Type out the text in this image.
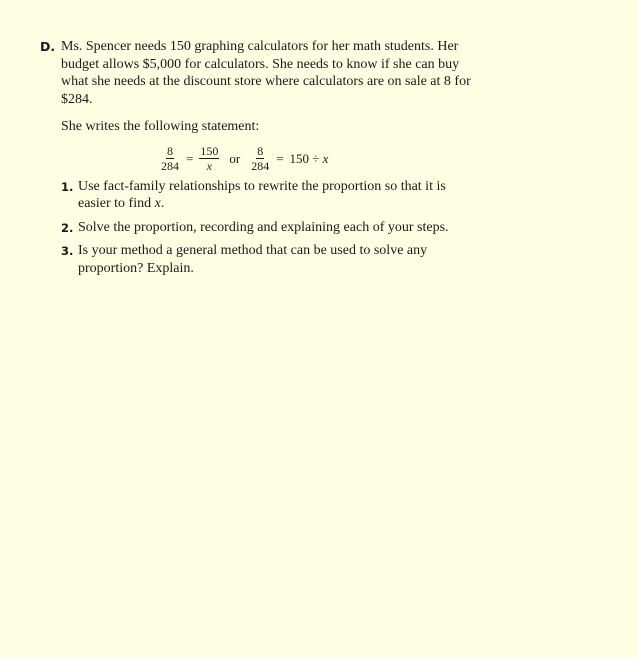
D. Ms. Spencer needs 150 graphing calculators for her math students. Her budget allows $5,000 for calculators. She needs to know if she can buy what she needs at the discount store where calculators are on sale at 8 for $284.

She writes the following statement:

$\frac{8}{284} = \frac{150}{x}$ or $\frac{8}{284} = 150 \div x$
1. Use fact-family relationships to rewrite the proportion so that it is easier to find x.
2. Solve the proportion, recording and explaining each of your steps.
3. Is your method a general method that can be used to solve any proportion? Explain.
